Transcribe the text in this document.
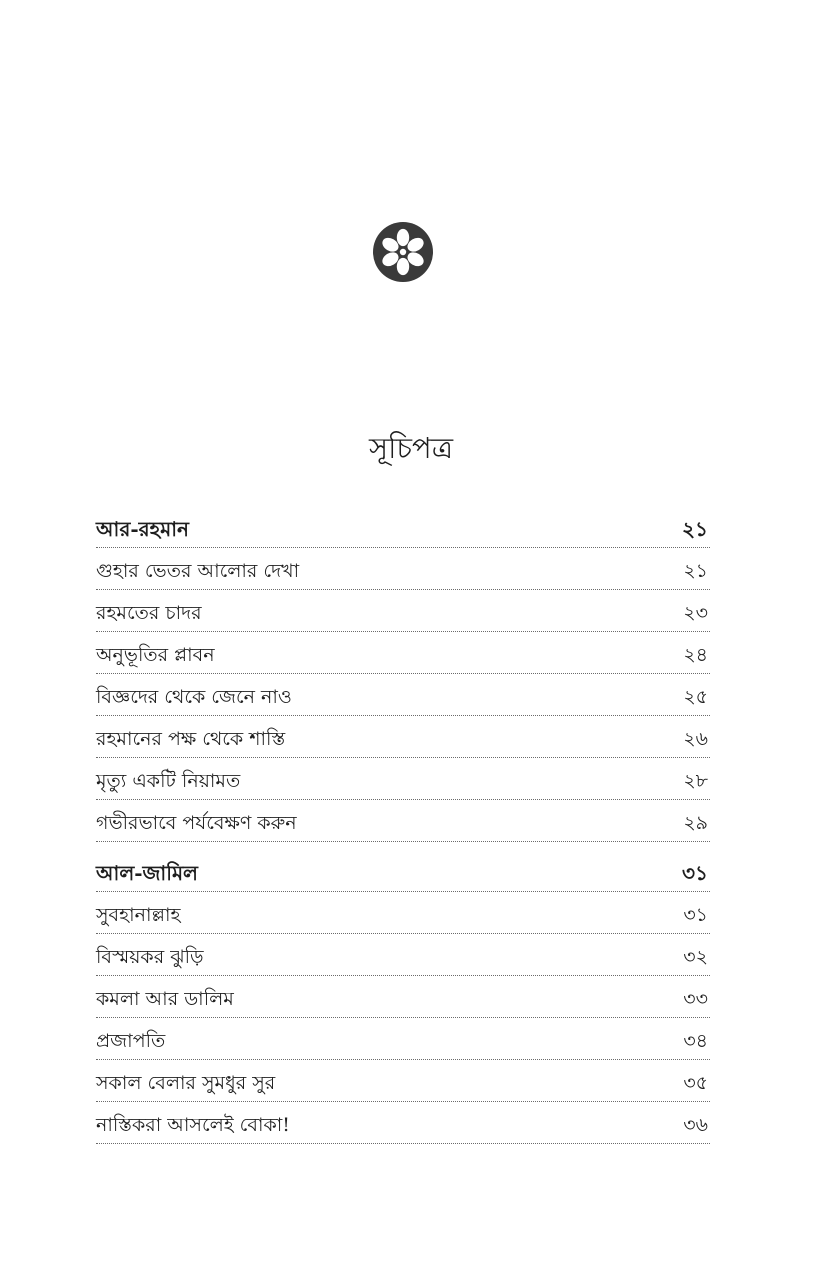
সূচিপত্র
আর-রহমান	২১
গুহার ভেতর আলোর দেখা	২১
রহমতের চাদর	২৩
অনুভূতির প্লাবন	২৪
বিজ্ঞদের থেকে জেনে নাও	২৫
রহমানের পক্ষ থেকে শাস্তি	২৬
মৃত্যু একটি নিয়ামত	২৮
গভীরভাবে পর্যবেক্ষণ করুন	২৯
আল-জামিল	৩১
সুবহানাল্লাহ	৩১
বিস্ময়কর ঝুড়ি	৩২
কমলা আর ডালিম	৩৩
প্রজাপতি	৩৪
সকাল বেলার সুমধুর সুর	৩৫
নাস্তিকরা আসলেই বোকা!	৩৬
